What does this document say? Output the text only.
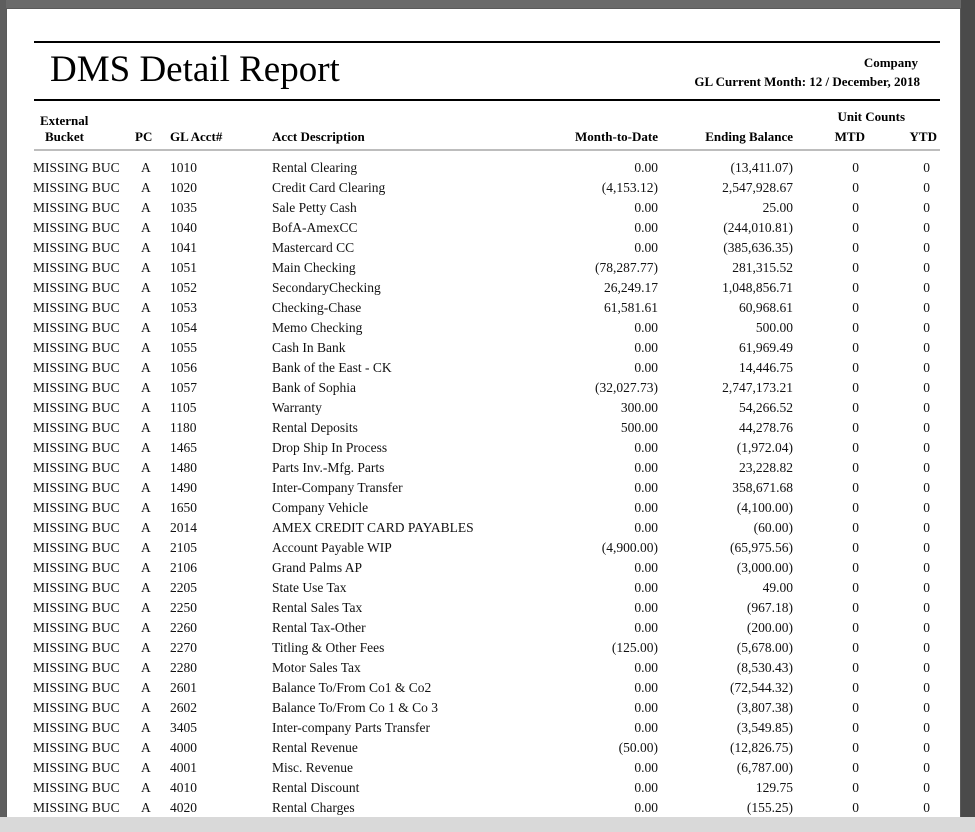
DMS Detail Report	Company
GL Current Month: 12 / December, 2018
External
Bucket	PC GL Acct#	Acct Description	Month-to-Date	Ending Balance
Unit Counts
MTD	YTD
MISSING BUC A 1010	Rental Clearing	0.00	(13,411.07)	0	0
MISSING BUC A 1020	Credit Card Clearing	(4,153.12)	2,547,928.67	0	0
MISSING BUC A 1035	Sale Petty Cash	0.00	25.00	0	0
MISSING BUC A 1040	BofA-AmexCC	0.00	(244,010.81)	0	0
MISSING BUC A 1041	Mastercard CC	0.00	(385,636.35)	0	0
MISSING BUC A 1051	Main Checking	(78,287.77)	281,315.52	0	0
MISSING BUC A 1052	SecondaryChecking	26,249.17	1,048,856.71	0	0
MISSING BUC A 1053	Checking-Chase	61,581.61	60,968.61	0	0
MISSING BUC A 1054	Memo Checking	0.00	500.00	0	0
MISSING BUC A 1055	Cash In Bank	0.00	61,969.49	0	0
MISSING BUC A 1056	Bank of the East - CK	0.00	14,446.75	0	0
MISSING BUC A 1057	Bank of Sophia	(32,027.73)	2,747,173.21	0	0
MISSING BUC A 1105	Warranty	300.00	54,266.52	0	0
MISSING BUC A 1180	Rental Deposits	500.00	44,278.76	0	0
MISSING BUC A 1465	Drop Ship In Process	0.00	(1,972.04)	0	0
MISSING BUC A 1480	Parts Inv.-Mfg. Parts	0.00	23,228.82	0	0
MISSING BUC A 1490	Inter-Company Transfer	0.00	358,671.68	0	0
MISSING BUC A 1650	Company Vehicle	0.00	(4,100.00)	0	0
MISSING BUC A 2014	AMEX CREDIT CARD PAYABLES	0.00	(60.00)	0	0
MISSING BUC A 2105	Account Payable WIP	(4,900.00)	(65,975.56)	0	0
MISSING BUC A 2106	Grand Palms AP	0.00	(3,000.00)	0	0
MISSING BUC A 2205	State Use Tax	0.00	49.00	0	0
MISSING BUC A 2250	Rental Sales Tax	0.00	(967.18)	0	0
MISSING BUC A 2260	Rental Tax-Other	0.00	(200.00)	0	0
MISSING BUC A 2270	Titling & Other Fees	(125.00)	(5,678.00)	0	0
MISSING BUC A 2280	Motor Sales Tax	0.00	(8,530.43)	0	0
MISSING BUC A 2601	Balance To/From Co1 & Co2	0.00	(72,544.32)	0	0
MISSING BUC A 2602	Balance To/From Co 1 & Co 3	0.00	(3,807.38)	0	0
MISSING BUC A 3405	Inter-company Parts Transfer	0.00	(3,549.85)	0	0
MISSING BUC A 4000	Rental Revenue	(50.00)	(12,826.75)	0	0
MISSING BUC A 4001	Misc. Revenue	0.00	(6,787.00)	0	0
MISSING BUC A 4010	Rental Discount	0.00	129.75	0	0
MISSING BUC A 4020	Rental Charges	0.00	(155.25)	0	0
